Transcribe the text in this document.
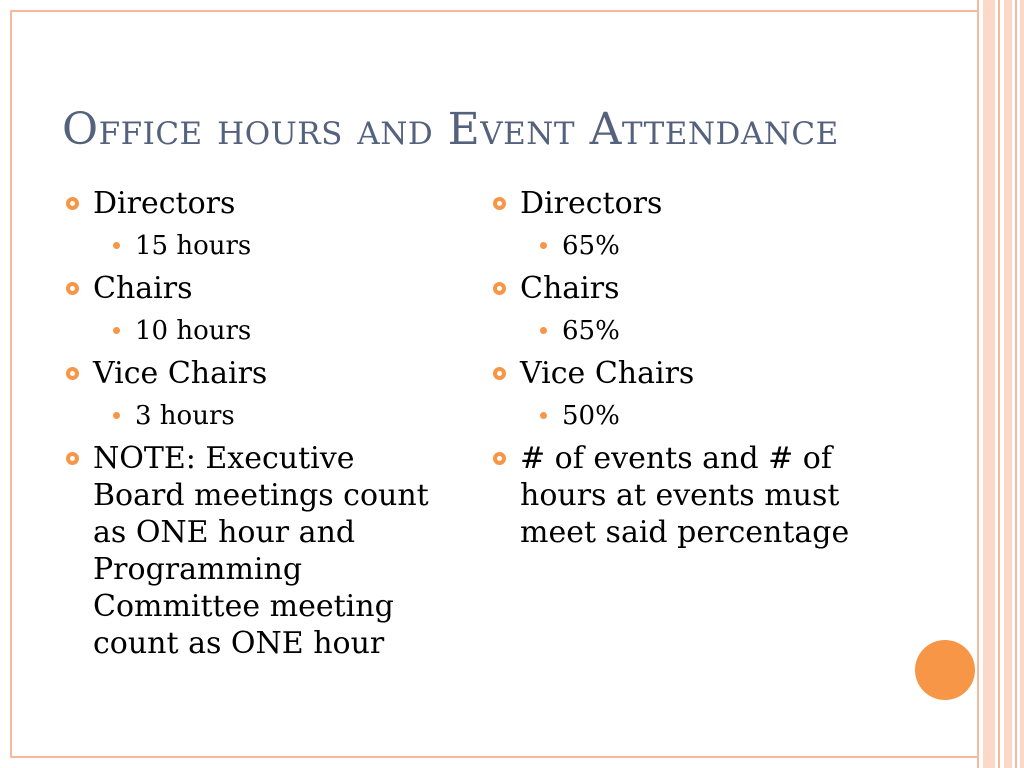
Office hours and Event Attendance
Directors
15 hours
Chairs
10 hours
Vice Chairs
3 hours
NOTE: Executive
Board meetings count
as ONE hour and
Programming
Committee meeting
count as ONE hour
Directors
65%
Chairs
65%
Vice Chairs
50%
# of events and # of
hours at events must
meet said percentage
